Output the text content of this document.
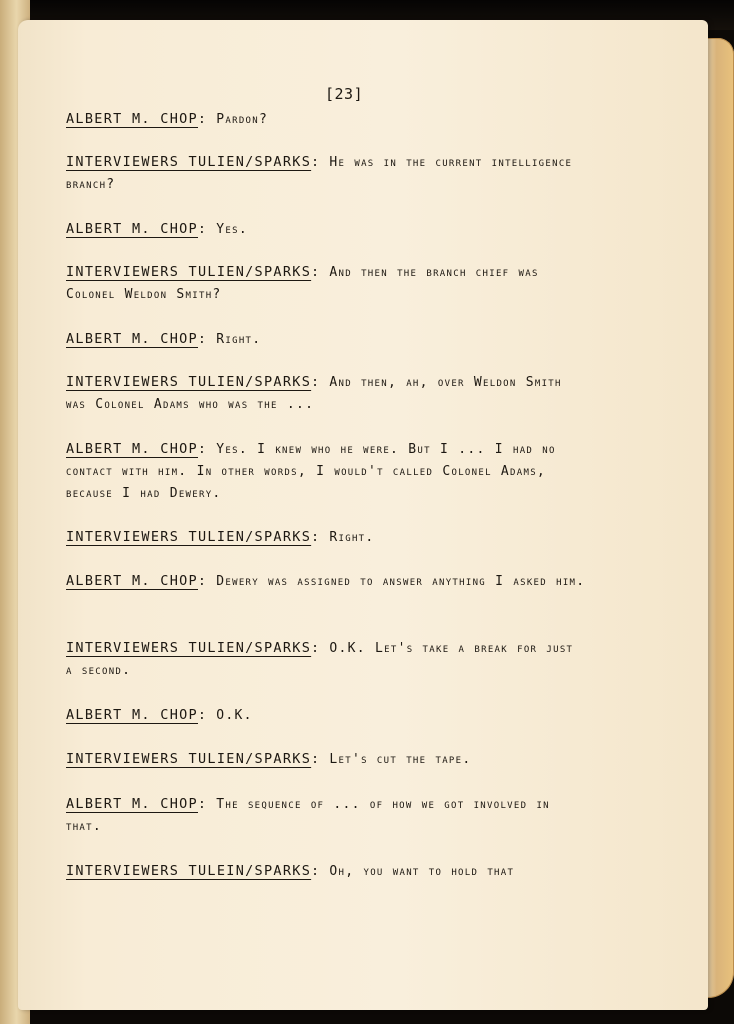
[23]
ALBERT M. CHOP: Pardon?
INTERVIEWERS TULIEN/SPARKS: He was in the current intelligence branch?
ALBERT M. CHOP: Yes.
INTERVIEWERS TULIEN/SPARKS: And then the branch chief was Colonel Weldon Smith?
ALBERT M. CHOP: Right.
INTERVIEWERS TULIEN/SPARKS: And then, ah, over Weldon Smith was Colonel Adams who was the ...
ALBERT M. CHOP: Yes. I knew who he were. But I ... I had no contact with him. In other words, I would't called Colonel Adams, because I had Dewery.
INTERVIEWERS TULIEN/SPARKS: Right.
ALBERT M. CHOP: Dewery was assigned to answer anything I asked him.
INTERVIEWERS TULIEN/SPARKS: O.K. Let's take a break for just a second.
ALBERT M. CHOP: O.K.
INTERVIEWERS TULIEN/SPARKS: Let's cut the tape.
ALBERT M. CHOP: The sequence of ... of how we got involved in that.
INTERVIEWERS TULEIN/SPARKS: Oh, you want to hold that
